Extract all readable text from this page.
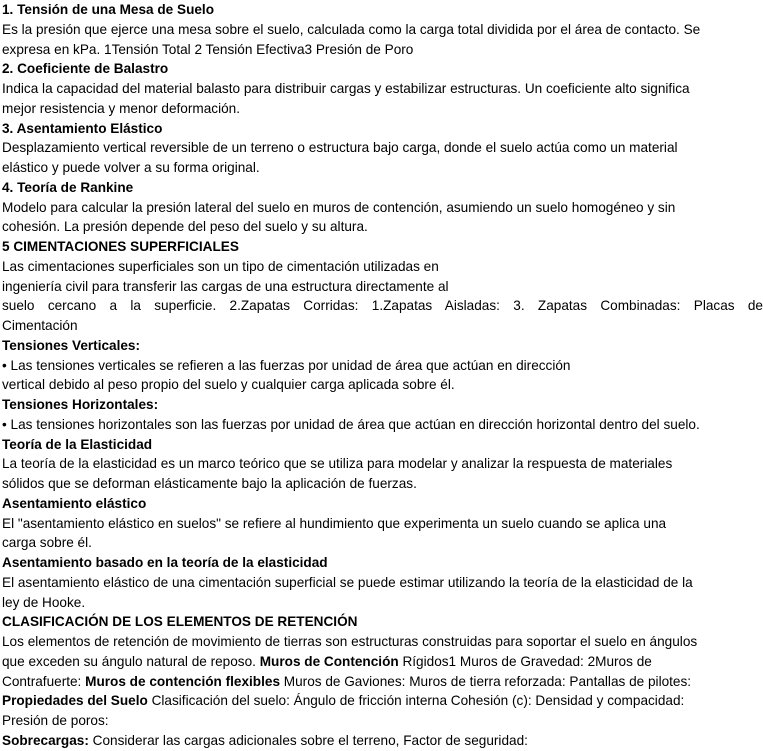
1. Tensión de una Mesa de Suelo
Es la presión que ejerce una mesa sobre el suelo, calculada como la carga total dividida por el área de contacto. Se
expresa en kPa. 1Tensión Total 2 Tensión Efectiva3 Presión de Poro
2. Coeficiente de Balastro
Indica la capacidad del material balasto para distribuir cargas y estabilizar estructuras. Un coeficiente alto significa
mejor resistencia y menor deformación.
3. Asentamiento Elástico
Desplazamiento vertical reversible de un terreno o estructura bajo carga, donde el suelo actúa como un material
elástico y puede volver a su forma original.
4. Teoría de Rankine
Modelo para calcular la presión lateral del suelo en muros de contención, asumiendo un suelo homogéneo y sin
cohesión. La presión depende del peso del suelo y su altura.
5 CIMENTACIONES SUPERFICIALES
Las cimentaciones superficiales son un tipo de cimentación utilizadas en
ingeniería civil para transferir las cargas de una estructura directamente al
suelo cercano a la superficie. 2.Zapatas Corridas: 1.Zapatas Aisladas: 3. Zapatas Combinadas: Placas de
Cimentación
Tensiones Verticales:
• Las tensiones verticales se refieren a las fuerzas por unidad de área que actúan en dirección
vertical debido al peso propio del suelo y cualquier carga aplicada sobre él.
Tensiones Horizontales:
• Las tensiones horizontales son las fuerzas por unidad de área que actúan en dirección horizontal dentro del suelo.
Teoría de la Elasticidad
La teoría de la elasticidad es un marco teórico que se utiliza para modelar y analizar la respuesta de materiales
sólidos que se deforman elásticamente bajo la aplicación de fuerzas.
Asentamiento elástico
El "asentamiento elástico en suelos" se refiere al hundimiento que experimenta un suelo cuando se aplica una
carga sobre él.
Asentamiento basado en la teoría de la elasticidad
El asentamiento elástico de una cimentación superficial se puede estimar utilizando la teoría de la elasticidad de la
ley de Hooke.
CLASIFICACIÓN DE LOS ELEMENTOS DE RETENCIÓN
Los elementos de retención de movimiento de tierras son estructuras construidas para soportar el suelo en ángulos
que exceden su ángulo natural de reposo. Muros de Contención Rígidos1 Muros de Gravedad: 2Muros de
Contrafuerte: Muros de contención flexibles Muros de Gaviones: Muros de tierra reforzada: Pantallas de pilotes:
Propiedades del Suelo Clasificación del suelo: Ángulo de fricción interna Cohesión (c): Densidad y compacidad:
Presión de poros:
Sobrecargas: Considerar las cargas adicionales sobre el terreno, Factor de seguridad:
